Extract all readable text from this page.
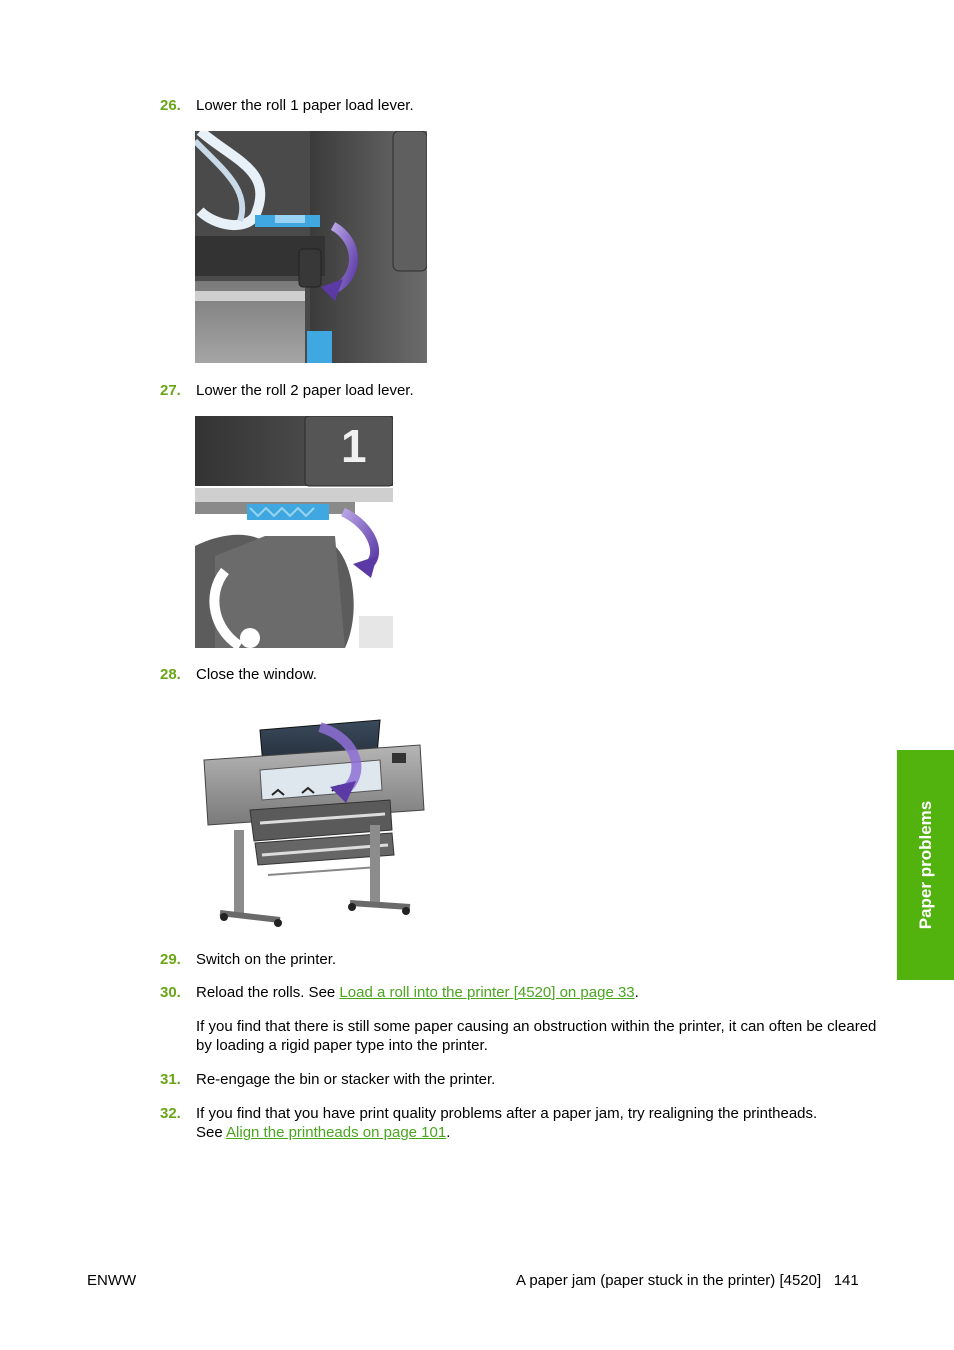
26. Lower the roll 1 paper load lever.
27. Lower the roll 2 paper load lever.
1
28. Close the window.
29. Switch on the printer.
30. Reload the rolls. See Load a roll into the printer [4520] on page 33.
If you find that there is still some paper causing an obstruction within the printer, it can often be cleared by loading a rigid paper type into the printer.
31. Re-engage the bin or stacker with the printer.
32. If you find that you have print quality problems after a paper jam, try realigning the printheads.
See Align the printheads on page 101.
Paper problems
ENWW	A paper jam (paper stuck in the printer) [4520] 141
